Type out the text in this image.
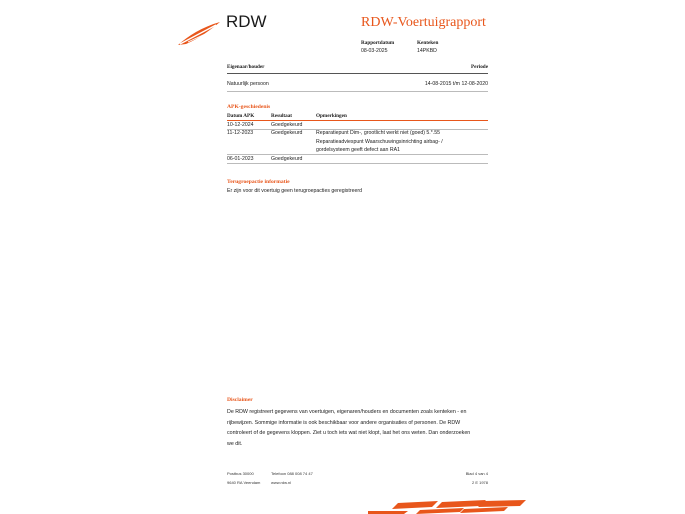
RDW	RDW-Voertuigrapport
Rapportdatum
08-03-2025
Kenteken
14PKBD
Eigenaar/houder	Periode
Natuurlijk persoon	14-08-2015 t/m 12-08-2020
APK-geschiedenis
Datum APK	Resultaat	Opmerkingen
10-12-2024	Goedgekeurd
11-12-2023	Goedgekeurd	Reparatiepunt Dim-, grootlicht werkt niet (goed) 5.*.55
Reparatieadviespunt Waarschuwingsinrichting airbag- /
gordelsysteem geeft defect aan RA1
06-01-2023	Goedgekeurd
Terugroepactie informatie
Er zijn voor dit voertuig geen terugroepacties geregistreerd
Disclaimer
De RDW registreert gegevens van voertuigen, eigenaren/houders en documenten zoals kenteken - en
rijbewijzen. Sommige informatie is ook beschikbaar voor andere organisaties of personen. De RDW
controleert of de gegevens kloppen. Ziet u toch iets wat niet klopt, laat het ons weten. Dan onderzoeken
we dit.
Postbus 30000
9640 RA Veendam
Telefoon 088 008 74 47
www.rdw.nl
Blad 4 van 4
2 E 1978
